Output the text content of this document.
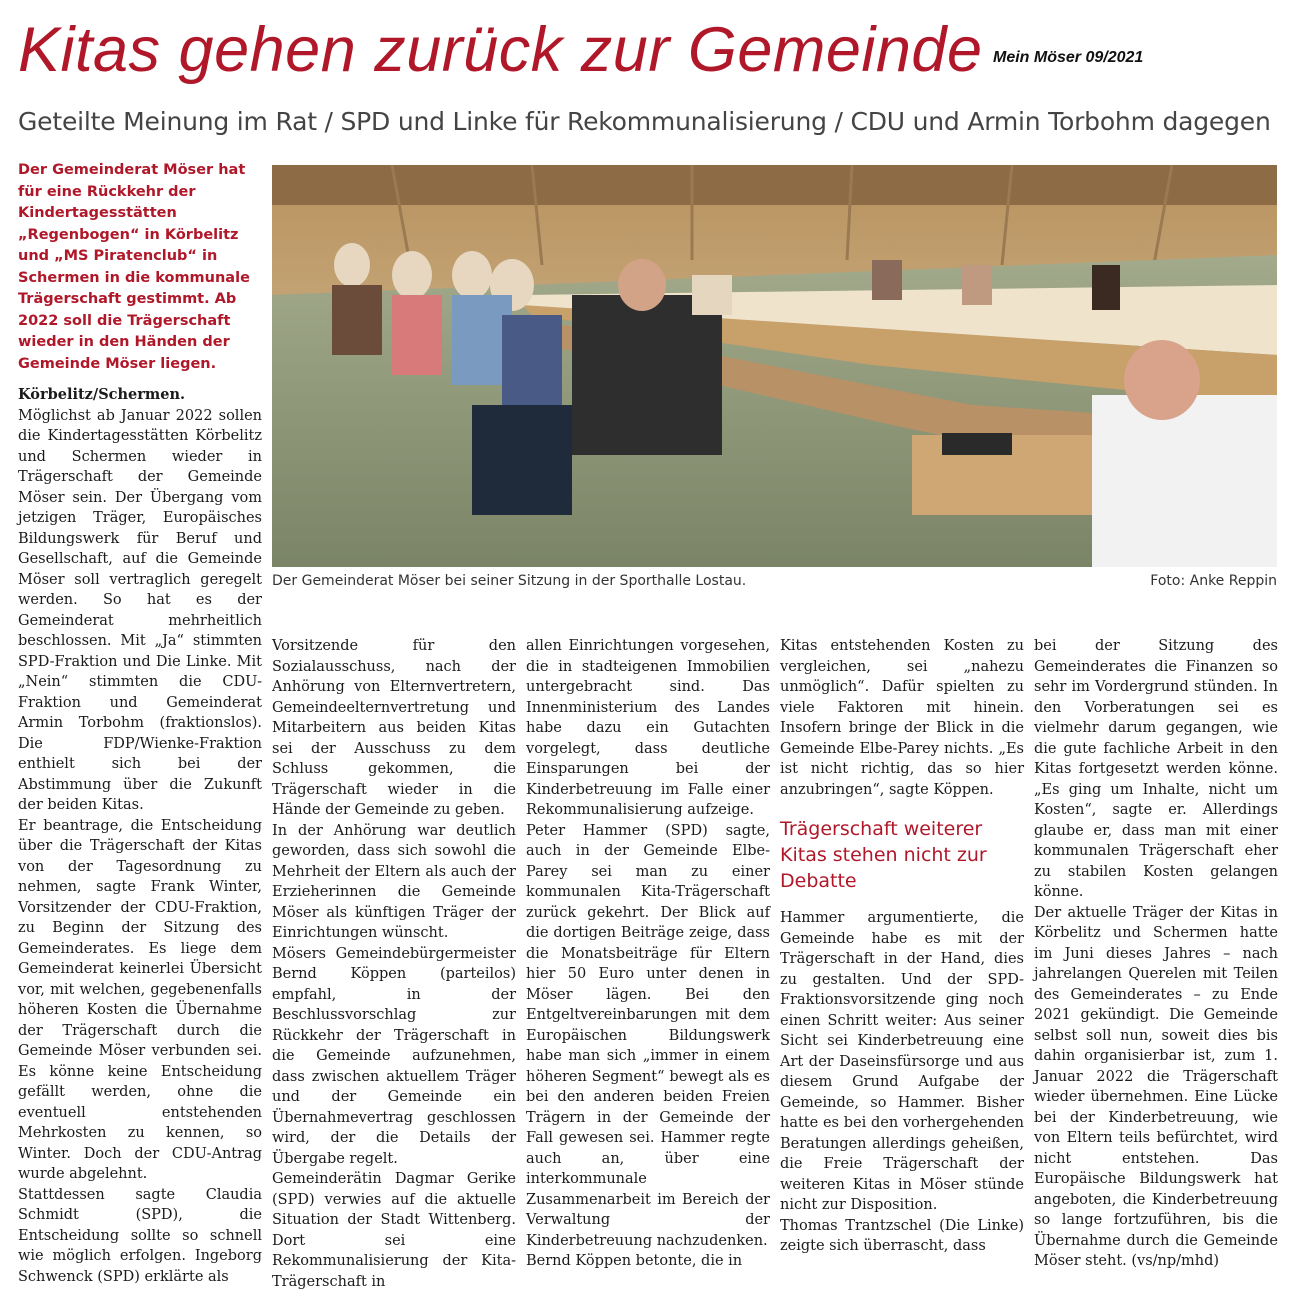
Kitas gehen zurück zur Gemeinde Mein Möser 09/2021
Geteilte Meinung im Rat / SPD und Linke für Rekommunalisierung / CDU und Armin Torbohm dagegen
Der Gemeinderat Möser hat für eine Rückkehr der Kindertagesstätten „Regenbogen“ in Körbelitz und „MS Piratenclub“ in Schermen in die kommunale Trägerschaft gestimmt. Ab 2022 soll die Trägerschaft wieder in den Händen der Gemeinde Möser liegen.
Der Gemeinderat Möser bei seiner Sitzung in der Sporthalle Lostau.	Foto: Anke Reppin

Körbelitz/Schermen. Möglichst ab Januar 2022 sollen die Kindertagesstätten Körbelitz und Schermen wieder in Trägerschaft der Gemeinde Möser sein. Der Übergang vom jetzigen Träger, Europäisches Bildungswerk für Beruf und Gesellschaft, auf die Gemeinde Möser soll vertraglich geregelt werden. So hat es der Gemeinderat mehrheitlich beschlossen. Mit „Ja“ stimmten SPD-Fraktion und Die Linke. Mit „Nein“ stimmten die CDU-Fraktion und Gemeinderat Armin Torbohm (fraktionslos). Die FDP/Wienke-Fraktion enthielt sich bei der Abstimmung über die Zukunft der beiden Kitas.

Er beantrage, die Entscheidung über die Trägerschaft der Kitas von der Tagesordnung zu nehmen, sagte Frank Winter, Vorsitzender der CDU-Fraktion, zu Beginn der Sitzung des Gemeinderates. Es liege dem Gemeinderat keinerlei Übersicht vor, mit welchen, gegebenenfalls höheren Kosten die Übernahme der Trägerschaft durch die Gemeinde Möser verbunden sei. Es könne keine Entscheidung gefällt werden, ohne die eventuell entstehenden Mehrkosten zu kennen, so Winter. Doch der CDU-Antrag wurde abgelehnt.

Stattdessen sagte Claudia Schmidt (SPD), die Entscheidung sollte so schnell wie möglich erfolgen. Ingeborg Schwenck (SPD) erklärte als

Vorsitzende für den Sozialausschuss, nach der Anhörung von Elternvertretern, Gemeindeelternvertretung und Mitarbeitern aus beiden Kitas sei der Ausschuss zu dem Schluss gekommen, die Trägerschaft wieder in die Hände der Gemeinde zu geben.

In der Anhörung war deutlich geworden, dass sich sowohl die Mehrheit der Eltern als auch der Erzieherinnen die Gemeinde Möser als künftigen Träger der Einrichtungen wünscht.

Mösers Gemeindebürgermeister Bernd Köppen (parteilos) empfahl, in der Beschlussvorschlag zur Rückkehr der Trägerschaft in die Gemeinde aufzunehmen, dass zwischen aktuellem Träger und der Gemeinde ein Übernahmevertrag geschlossen wird, der die Details der Übergabe regelt.

Gemeinderätin Dagmar Gerike (SPD) verwies auf die aktuelle Situation der Stadt Wittenberg. Dort sei eine Rekommunalisierung der Kita-Trägerschaft in

allen Einrichtungen vorgesehen, die in stadteigenen Immobilien untergebracht sind. Das Innenministerium des Landes habe dazu ein Gutachten vorgelegt, dass deutliche Einsparungen bei der Kinderbetreuung im Falle einer Rekommunalisierung aufzeige.

Peter Hammer (SPD) sagte, auch in der Gemeinde Elbe-Parey sei man zu einer kommunalen Kita-Trägerschaft zurück gekehrt. Der Blick auf die dortigen Beiträge zeige, dass die Monatsbeiträge für Eltern hier 50 Euro unter denen in Möser lägen. Bei den Entgeltvereinbarungen mit dem Europäischen Bildungswerk habe man sich „immer in einem höheren Segment“ bewegt als es bei den anderen beiden Freien Trägern in der Gemeinde der Fall gewesen sei. Hammer regte auch an, über eine interkommunale Zusammenarbeit im Bereich der Verwaltung der Kinderbetreuung nachzudenken.

Bernd Köppen betonte, die in

Kitas entstehenden Kosten zu vergleichen, sei „nahezu unmöglich“. Dafür spielten zu viele Faktoren mit hinein. Insofern bringe der Blick in die Gemeinde Elbe-Parey nichts. „Es ist nicht richtig, das so hier anzubringen“, sagte Köppen.

Trägerschaft weiterer Kitas stehen nicht zur Debatte

Hammer argumentierte, die Gemeinde habe es mit der Trägerschaft in der Hand, dies zu gestalten. Und der SPD-Fraktionsvorsitzende ging noch einen Schritt weiter: Aus seiner Sicht sei Kinderbetreuung eine Art der Daseinsfürsorge und aus diesem Grund Aufgabe der Gemeinde, so Hammer. Bisher hatte es bei den vorhergehenden Beratungen allerdings geheißen, die Freie Trägerschaft der weiteren Kitas in Möser stünde nicht zur Disposition.

Thomas Trantzschel (Die Linke) zeigte sich überrascht, dass

bei der Sitzung des Gemeinderates die Finanzen so sehr im Vordergrund stünden. In den Vorberatungen sei es vielmehr darum gegangen, wie die gute fachliche Arbeit in den Kitas fortgesetzt werden könne. „Es ging um Inhalte, nicht um Kosten“, sagte er. Allerdings glaube er, dass man mit einer kommunalen Trägerschaft eher zu stabilen Kosten gelangen könne.

Der aktuelle Träger der Kitas in Körbelitz und Schermen hatte im Juni dieses Jahres – nach jahrelangen Querelen mit Teilen des Gemeinderates – zu Ende 2021 gekündigt. Die Gemeinde selbst soll nun, soweit dies bis dahin organisierbar ist, zum 1. Januar 2022 die Trägerschaft wieder übernehmen. Eine Lücke bei der Kinderbetreuung, wie von Eltern teils befürchtet, wird nicht entstehen. Das Europäische Bildungswerk hat angeboten, die Kinderbetreuung so lange fortzuführen, bis die Übernahme durch die Gemeinde Möser steht. (vs/np/mhd)
